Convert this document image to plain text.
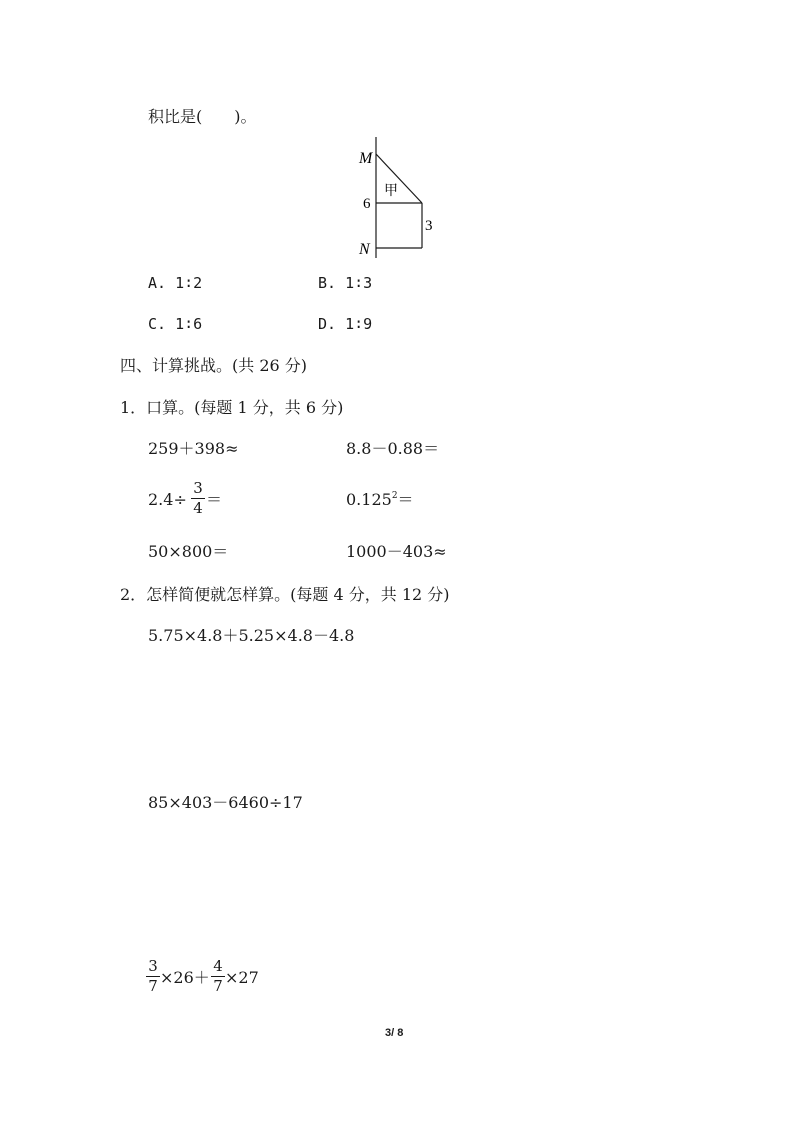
积比是(　　)。
M
6
N
3
甲
A. 1∶2	B. 1∶3
C. 1∶6	D. 1∶9
四、计算挑战。(共 26 分)
1．口算。(每题 1 分，共 6 分)
259＋398≈	8.8－0.88＝
2.4÷
3
4 ＝	$0.125^2=$
50×800＝	1000－403≈
2．怎样简便就怎样算。(每题 4 分，共 12 分)
5.75×4.8＋5.25×4.8－4.8
85×403－6460÷17
3
7 ×26＋
4
7 ×27
3/ 8
